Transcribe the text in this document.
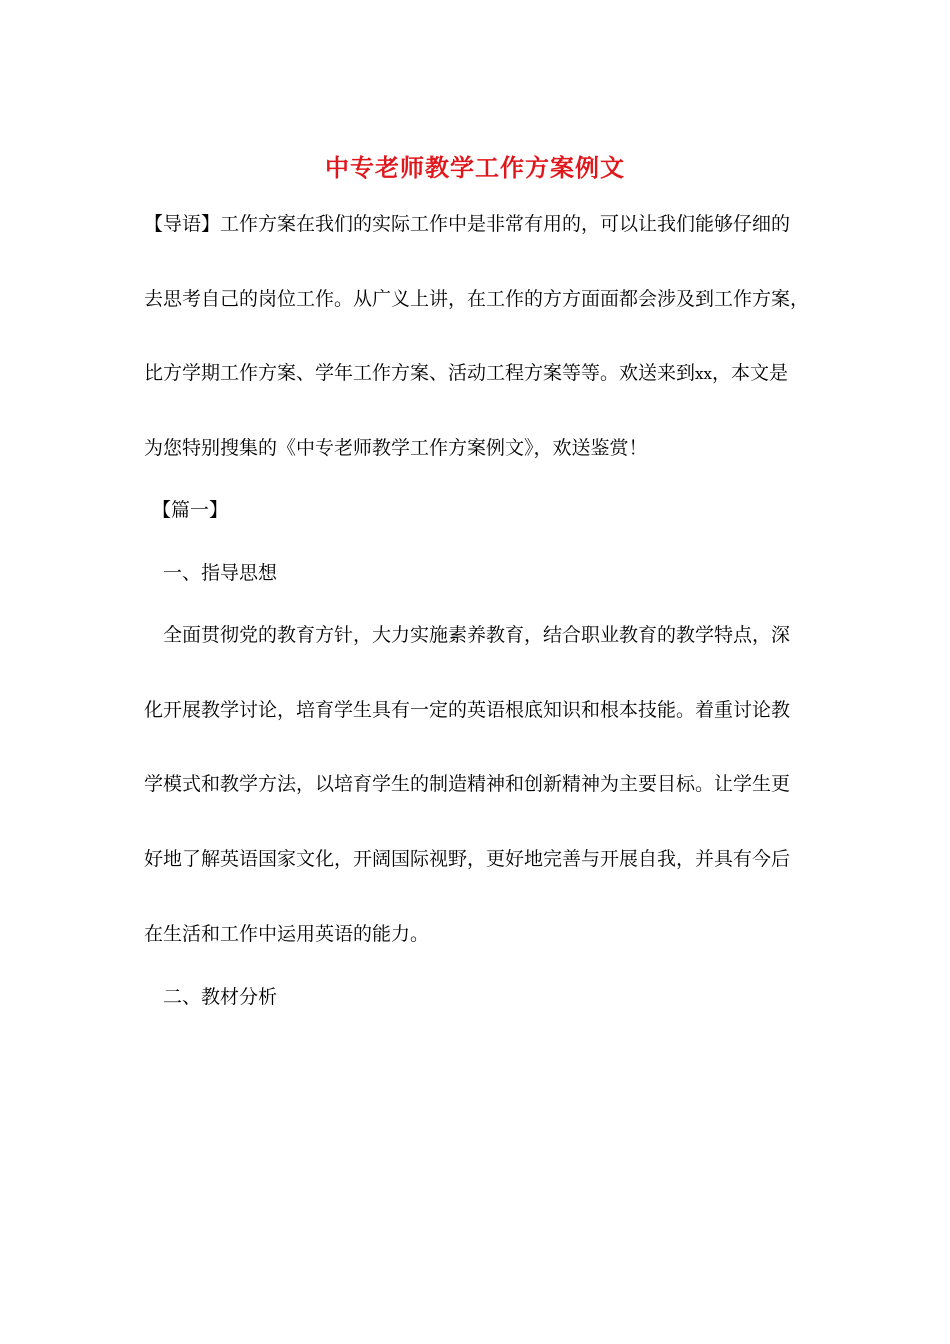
中专老师教学工作方案例文
【导语】工作方案在我们的实际工作中是非常有用的，可以让我们能够仔细的
去思考自己的岗位工作。从广义上讲，在工作的方方面面都会涉及到工作方案，
比方学期工作方案、学年工作方案、活动工程方案等等。欢送来到xx，本文是
为您特别搜集的《中专老师教学工作方案例文》，欢送鉴赏！
【篇一】
一、指导思想
全面贯彻党的教育方针，大力实施素养教育，结合职业教育的教学特点，深
化开展教学讨论，培育学生具有一定的英语根底知识和根本技能。着重讨论教
学模式和教学方法，以培育学生的制造精神和创新精神为主要目标。让学生更
好地了解英语国家文化，开阔国际视野，更好地完善与开展自我，并具有今后
在生活和工作中运用英语的能力。
二、教材分析
